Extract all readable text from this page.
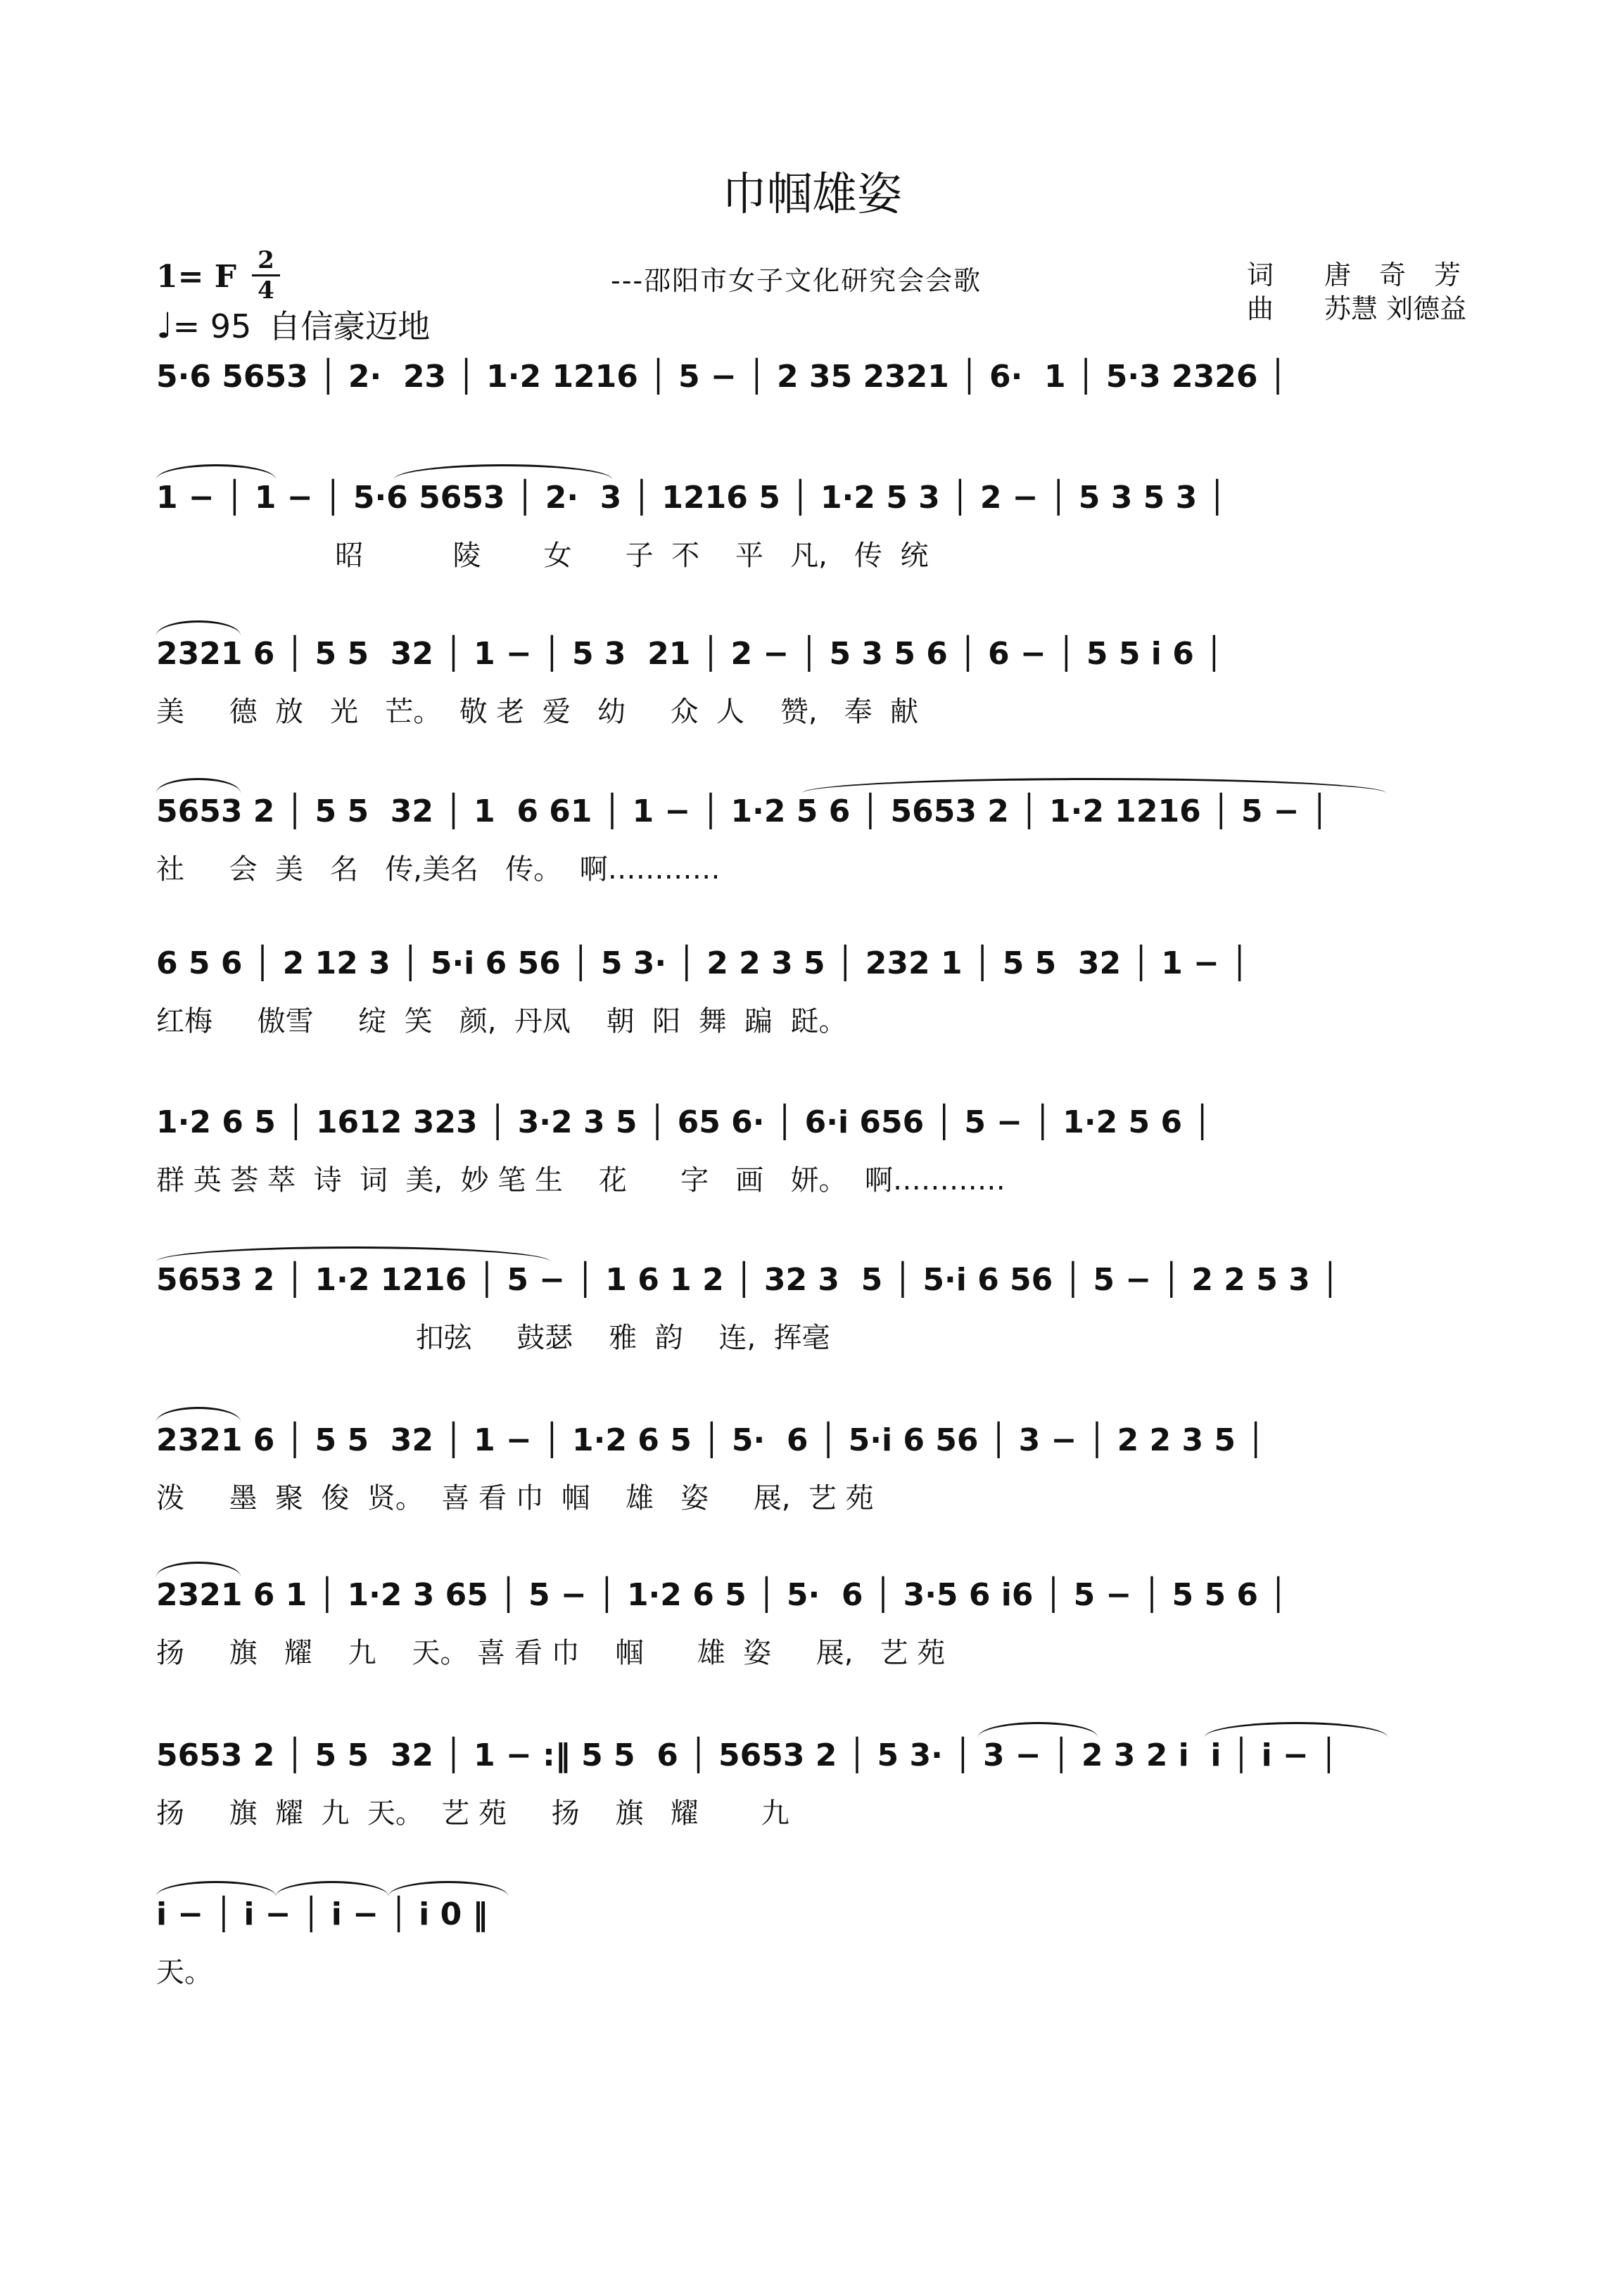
巾帼雄姿
1= F 2
4
♩= 95 自信豪迈地
---邵阳市女子文化研究会会歌	词 唐奇芳
曲 苏慧 刘德益
5·6 5653 │ 2·  23 │ 1·2 1216 │ 5 − │ 2 35 2321 │ 6·  1 │ 5·3 2326 │
1 − │ 1 − │ 5·6 5653 │ 2·  3 │ 1216 5 │ 1·2 5 3 │ 2 − │ 5 3 5 3 │
昭          陵       女      子  不    平   凡,   传  统
2321 6 │ 5 5  32 │ 1 − │ 5 3  21 │ 2 − │ 5 3 5 6 │ 6 − │ 5 5 i 6 │
美     德  放   光   芒。  敬 老  爱   幼     众  人    赞,   奉  献
5653 2 │ 5 5  32 │ 1  6 61 │ 1 − │ 1·2 5 6 │ 5653 2 │ 1·2 1216 │ 5 − │
社     会  美   名   传,美名   传。  啊…………
6 5 6 │ 2 12 3 │ 5·i 6 56 │ 5 3· │ 2 2 3 5 │ 232 1 │ 5 5  32 │ 1 − │
红梅     傲雪     绽  笑   颜,  丹凤    朝  阳  舞  蹁  跹。
1·2 6 5 │ 1612 323 │ 3·2 3 5 │ 65 6· │ 6·i 656 │ 5 − │ 1·2 5 6 │
群 英 荟 萃  诗  词  美,  妙 笔 生    花      字   画   妍。  啊…………
5653 2 │ 1·2 1216 │ 5 − │ 1 6 1 2 │ 32 3  5 │ 5·i 6 56 │ 5 − │ 2 2 5 3 │
扣弦     鼓瑟    雅  韵    连,  挥毫
2321 6 │ 5 5  32 │ 1 − │ 1·2 6 5 │ 5·  6 │ 5·i 6 56 │ 3 − │ 2 2 3 5 │
泼     墨  聚  俊  贤。  喜 看 巾  帼    雄   姿     展,  艺 苑
2321 6 1 │ 1·2 3 65 │ 5 − │ 1·2 6 5 │ 5·  6 │ 3·5 6 i6 │ 5 − │ 5 5 6 │
扬     旗   耀    九    天。 喜 看 巾    帼      雄  姿     展,   艺 苑
5653 2 │ 5 5  32 │ 1 − :‖ 5 5  6 │ 5653 2 │ 5 3· │ 3 − │ 2 3 2 i  i │ i − │
扬     旗  耀  九  天。  艺 苑     扬    旗   耀       九
i − │ i − │ i − │ i 0 ‖
天。
